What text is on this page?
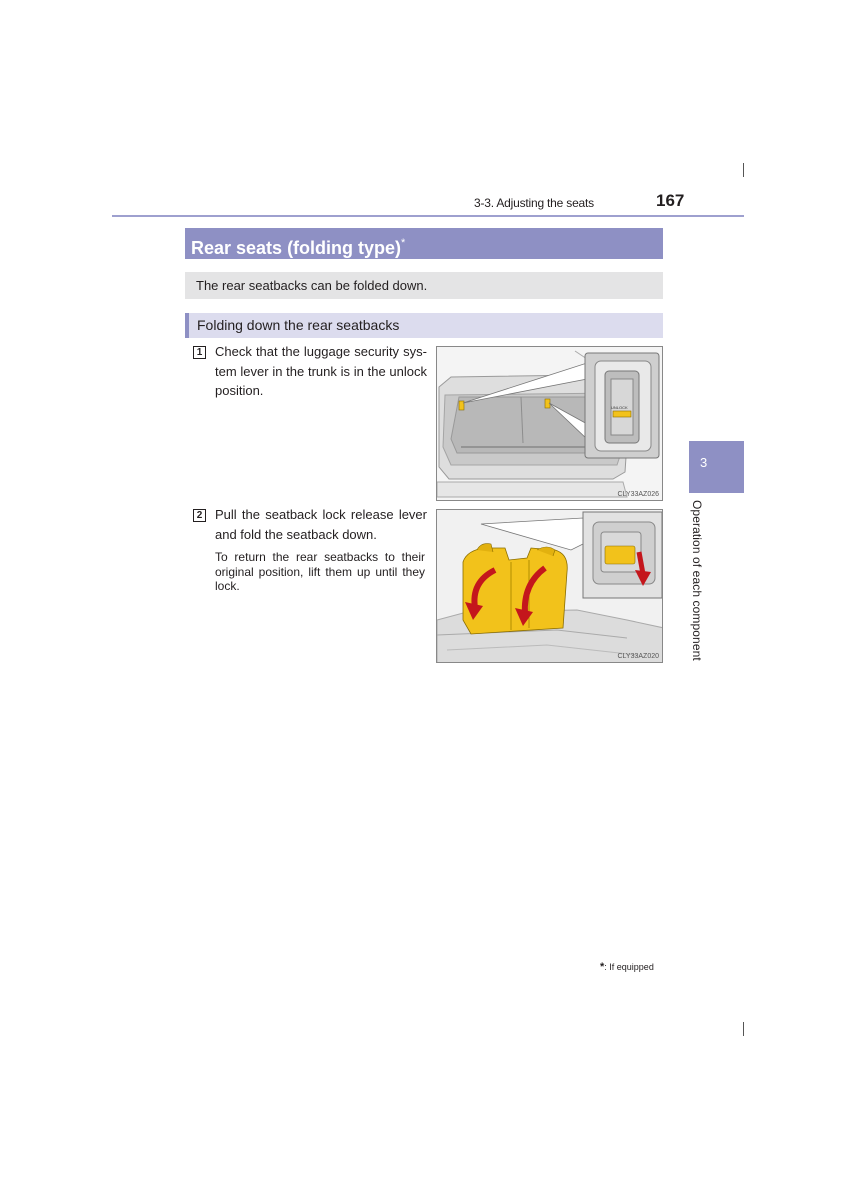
3-3. Adjusting the seats	167
Rear seats (folding type)*
The rear seatbacks can be folded down.
Folding down the rear seatbacks
1 Check that the luggage security sys-tem lever in the trunk is in the unlock position.
UNLOCK
CLY33AZ026
2 Pull the seatback lock release lever and fold the seatback down.
To return the rear seatbacks to their original position, lift them up until they lock.
CLY33AZ020
3
Operation of each component
*: If equipped
